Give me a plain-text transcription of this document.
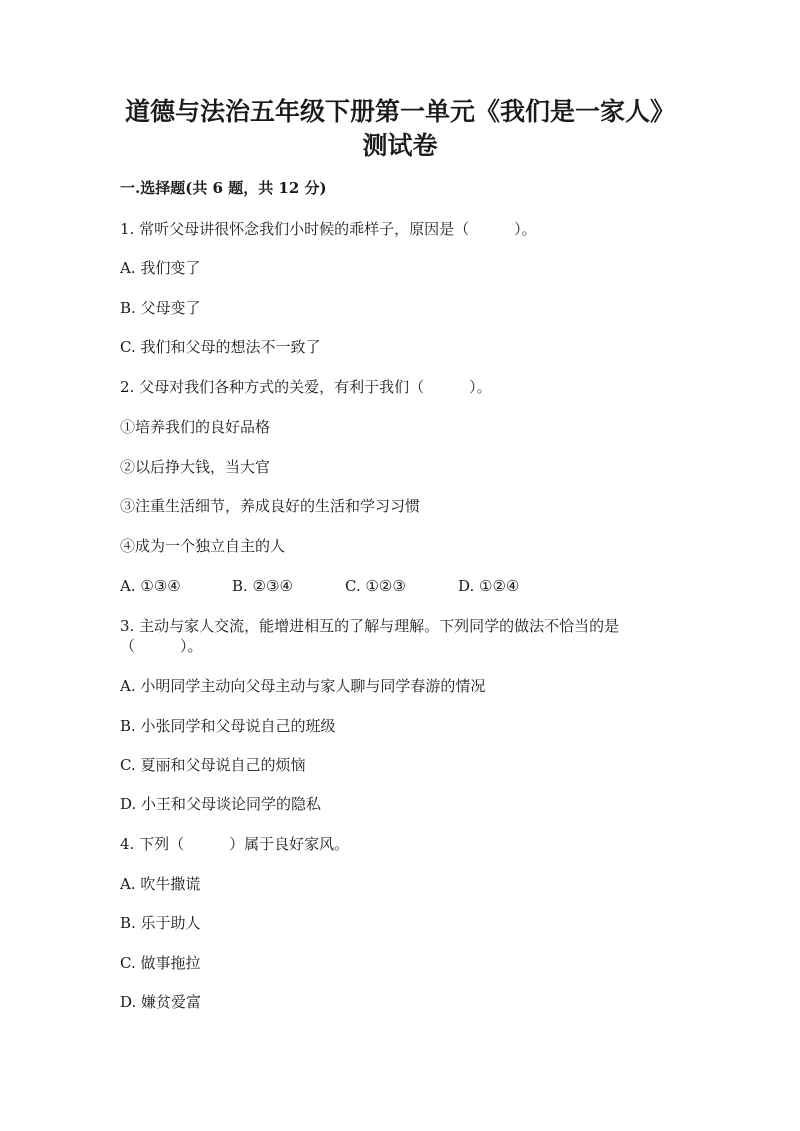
道德与法治五年级下册第一单元《我们是一家人》
测试卷
一.选择题(共 6 题，共 12 分)
1. 常听父母讲很怀念我们小时候的乖样子，原因是（　　　）。
A. 我们变了
B. 父母变了
C. 我们和父母的想法不一致了
2. 父母对我们各种方式的关爱，有利于我们（　　　）。
①培养我们的良好品格
②以后挣大钱，当大官
③注重生活细节，养成良好的生活和学习习惯
④成为一个独立自主的人
A. ①③④	B. ②③④	C. ①②③	D. ①②④
3. 主动与家人交流，能增进相互的了解与理解。下列同学的做法不恰当的是
（　　　）。
A. 小明同学主动向父母主动与家人聊与同学春游的情况
B. 小张同学和父母说自己的班级
C. 夏丽和父母说自己的烦恼
D. 小王和父母谈论同学的隐私
4. 下列（　　　）属于良好家风。
A. 吹牛撒谎
B. 乐于助人
C. 做事拖拉
D. 嫌贫爱富
